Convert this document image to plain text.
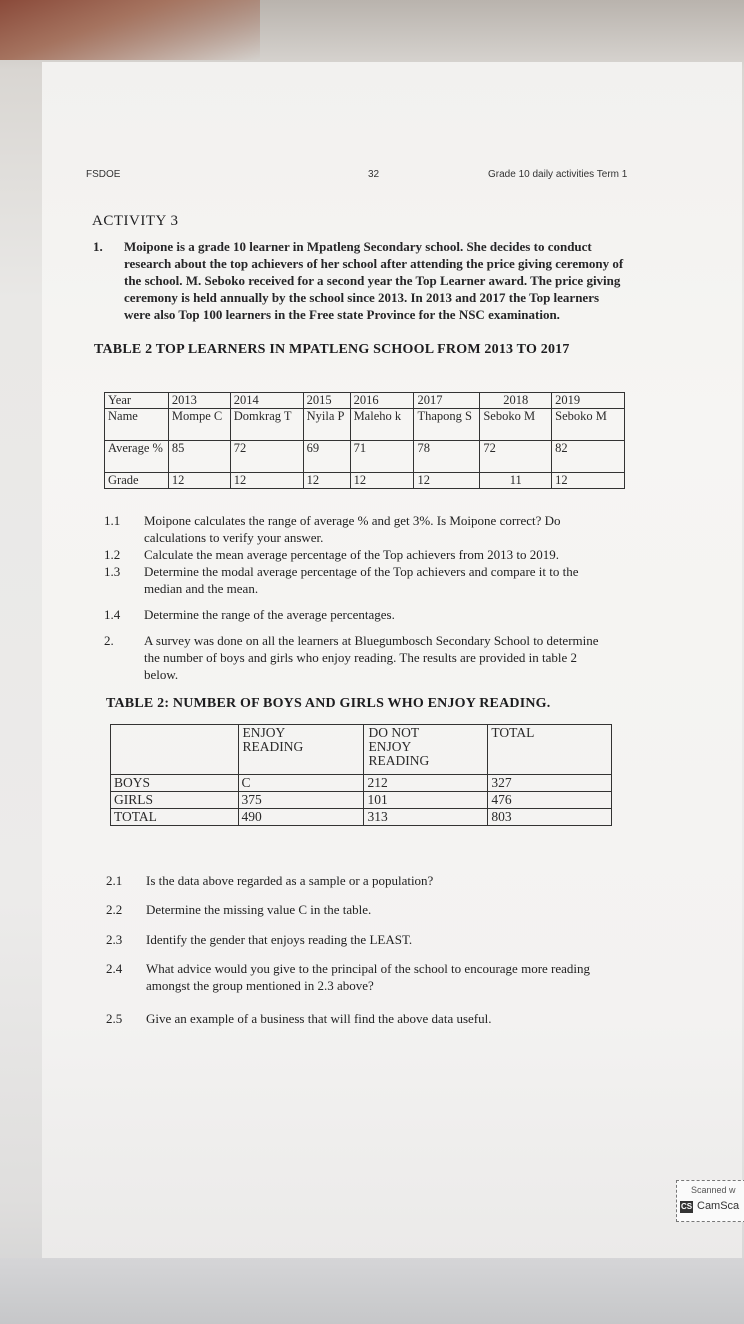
FSDOE	32	Grade 10 daily activities Term 1
ACTIVITY 3
1. Moipone is a grade 10 learner in Mpatleng Secondary school. She decides to conduct
research about the top achievers of her school after attending the price giving ceremony of
the school. M. Seboko received for a second year the Top Learner award. The price giving
ceremony is held annually by the school since 2013. In 2013 and 2017 the Top learners
were also Top 100 learners in the Free state Province for the NSC examination.
TABLE 2 TOP LEARNERS IN MPATLENG SCHOOL FROM 2013 TO 2017
Year	2013	2014	2015	2016	2017	2018	2019
Name	Mompe C	Domkrag T	Nyila P	Maleho k	Thapong S	Seboko M	Seboko M
Average %	85	72	69	71	78	72	82
Grade	12	12	12	12	12	11	12
1.1 Moipone calculates the range of average % and get 3%. Is Moipone correct? Do
calculations to verify your answer.
1.2 Calculate the mean average percentage of the Top achievers from 2013 to 2019.
1.3 Determine the modal average percentage of the Top achievers and compare it to the
median and the mean.
1.4 Determine the range of the average percentages.
2. A survey was done on all the learners at Bluegumbosch Secondary School to determine
the number of boys and girls who enjoy reading. The results are provided in table 2
below.
TABLE 2: NUMBER OF BOYS AND GIRLS WHO ENJOY READING.
	ENJOY READING	DO NOT ENJOY READING	TOTAL
BOYS	C	212	327
GIRLS	375	101	476
TOTAL	490	313	803
2.1 Is the data above regarded as a sample or a population?
2.2 Determine the missing value C in the table.
2.3 Identify the gender that enjoys reading the LEAST.
2.4 What advice would you give to the principal of the school to encourage more reading
amongst the group mentioned in 2.3 above?
2.5 Give an example of a business that will find the above data useful.
Scanned w
CS CamSca
